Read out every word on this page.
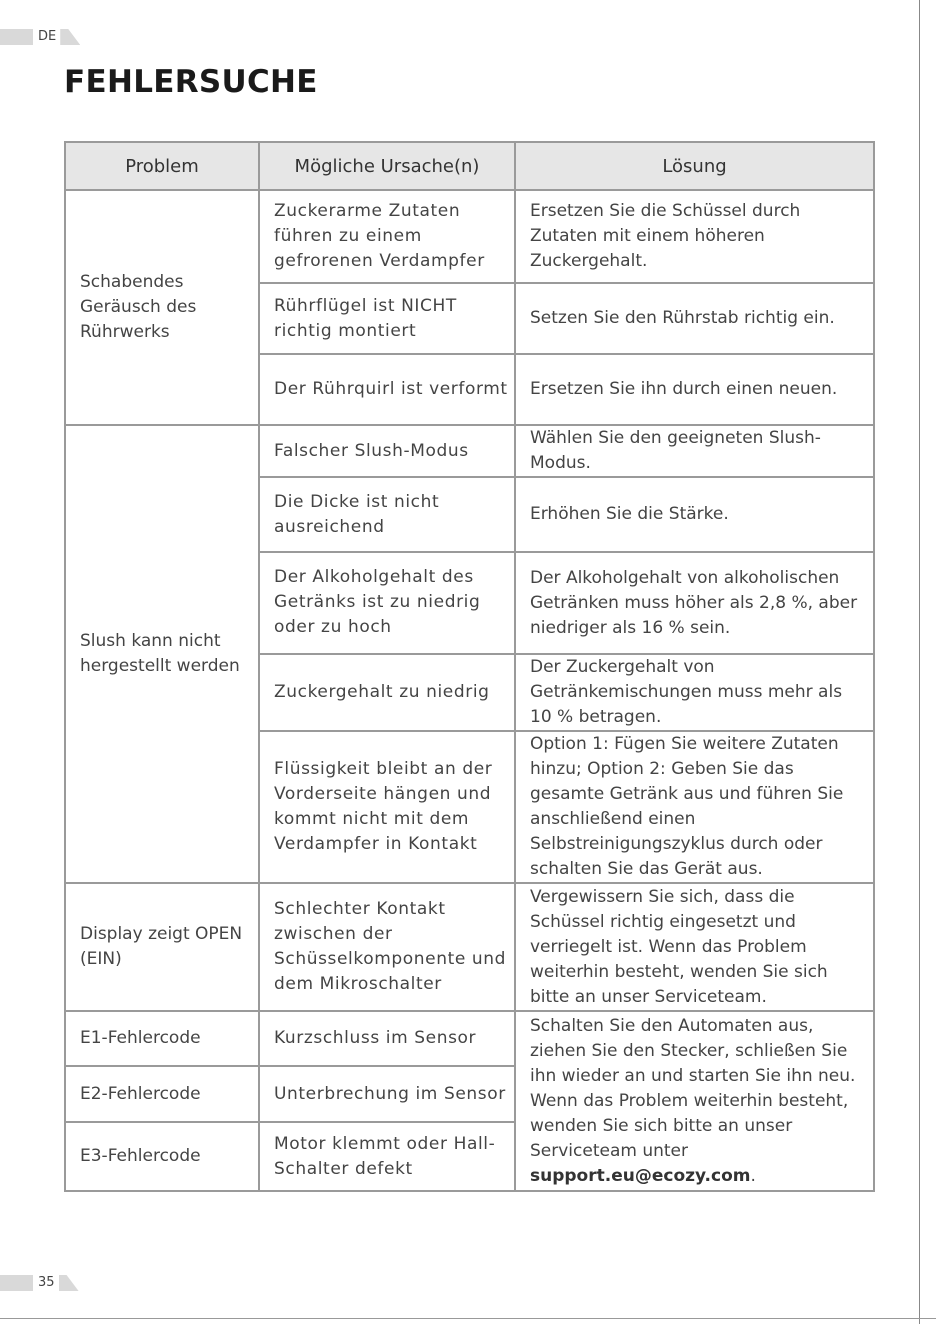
DE
FEHLERSUCHE
Problem	Mögliche Ursache(n)	Lösung
Schabendes Geräusch des Rührwerks	Zuckerarme Zutaten führen zu einem gefrorenen Verdampfer	Ersetzen Sie die Schüssel durch Zutaten mit einem höheren Zuckergehalt.
	Rührflügel ist NICHT richtig montiert	Setzen Sie den Rührstab richtig ein.
	Der Rührquirl ist verformt	Ersetzen Sie ihn durch einen neuen.
Slush kann nicht hergestellt werden	Falscher Slush-Modus	Wählen Sie den geeigneten Slush-Modus.
	Die Dicke ist nicht ausreichend	Erhöhen Sie die Stärke.
	Der Alkoholgehalt des Getränks ist zu niedrig oder zu hoch	Der Alkoholgehalt von alkoholischen Getränken muss höher als 2,8 %, aber niedriger als 16 % sein.
	Zuckergehalt zu niedrig	Der Zuckergehalt von Getränkemischungen muss mehr als 10 % betragen.
	Flüssigkeit bleibt an der Vorderseite hängen und kommt nicht mit dem Verdampfer in Kontakt	Option 1: Fügen Sie weitere Zutaten hinzu; Option 2: Geben Sie das gesamte Getränk aus und führen Sie anschließend einen Selbstreinigungszyklus durch oder schalten Sie das Gerät aus.
Display zeigt OPEN (EIN)	Schlechter Kontakt zwischen der Schüsselkomponente und dem Mikroschalter	Vergewissern Sie sich, dass die Schüssel richtig eingesetzt und verriegelt ist. Wenn das Problem weiterhin besteht, wenden Sie sich bitte an unser Serviceteam.
E1-Fehlercode	Kurzschluss im Sensor	Schalten Sie den Automaten aus, ziehen Sie den Stecker, schließen Sie ihn wieder an und starten Sie ihn neu. Wenn das Problem weiterhin besteht, wenden Sie sich bitte an unser Serviceteam unter
support.eu@ecozy.com.
E2-Fehlercode	Unterbrechung im Sensor	
E3-Fehlercode	Motor klemmt oder Hall-Schalter defekt	
35
